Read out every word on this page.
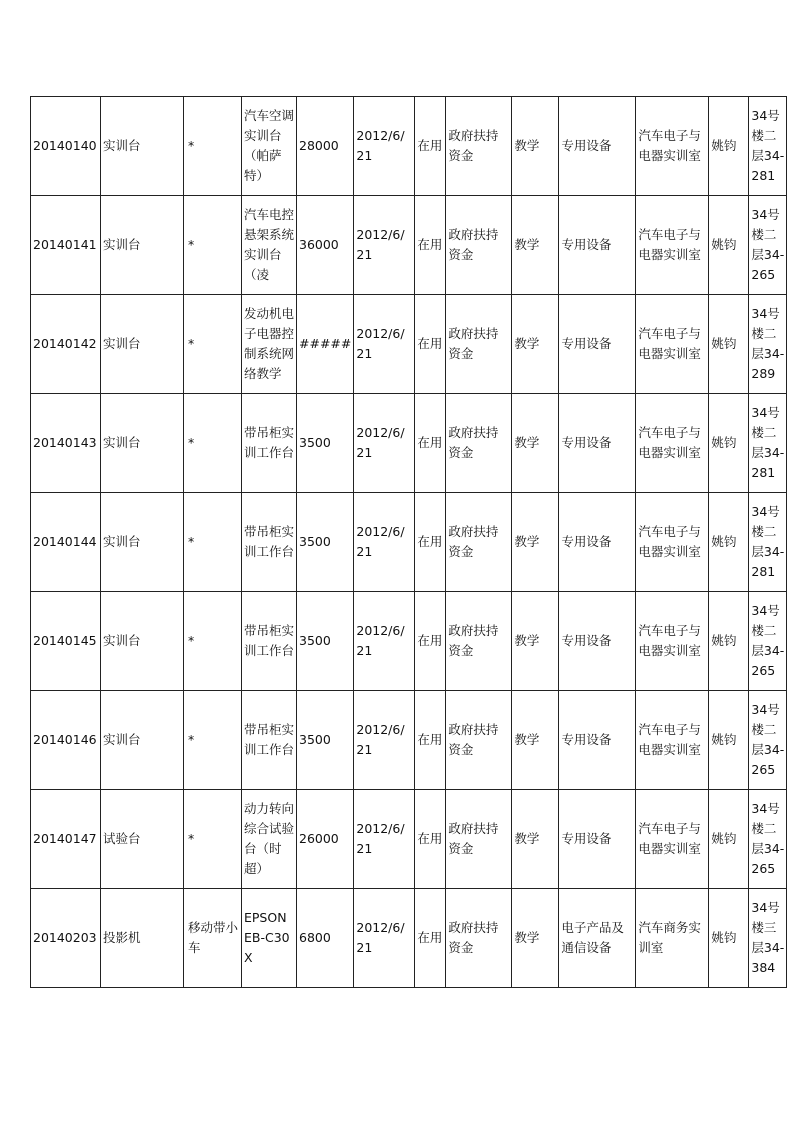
20140140	实训台	*	汽车空调实训台（帕萨特）	28000	2012/6/21	在用	政府扶持资金	教学	专用设备	汽车电子与电器实训室	姚钧	34号楼二层34-281

20140141	实训台	*	汽车电控悬架系统实训台（凌	36000	2012/6/21	在用	政府扶持资金	教学	专用设备	汽车电子与电器实训室	姚钧	34号楼二层34-265

20140142	实训台	*	发动机电子电器控制系统网络教学	#####	2012/6/21	在用	政府扶持资金	教学	专用设备	汽车电子与电器实训室	姚钧	34号楼二层34-289

20140143	实训台	*	带吊柜实训工作台	3500	2012/6/21	在用	政府扶持资金	教学	专用设备	汽车电子与电器实训室	姚钧	34号楼二层34-281

20140144	实训台	*	带吊柜实训工作台	3500	2012/6/21	在用	政府扶持资金	教学	专用设备	汽车电子与电器实训室	姚钧	34号楼二层34-281

20140145	实训台	*	带吊柜实训工作台	3500	2012/6/21	在用	政府扶持资金	教学	专用设备	汽车电子与电器实训室	姚钧	34号楼二层34-265

20140146	实训台	*	带吊柜实训工作台	3500	2012/6/21	在用	政府扶持资金	教学	专用设备	汽车电子与电器实训室	姚钧	34号楼二层34-265

20140147	试验台	*	动力转向综合试验台（时超）	26000	2012/6/21	在用	政府扶持资金	教学	专用设备	汽车电子与电器实训室	姚钧	34号楼二层34-265

20140203	投影机	移动带小车	EPSON EB-C30X	6800	2012/6/21	在用	政府扶持资金	教学	电子产品及通信设备	汽车商务实训室	姚钧	34号楼三层34-384
